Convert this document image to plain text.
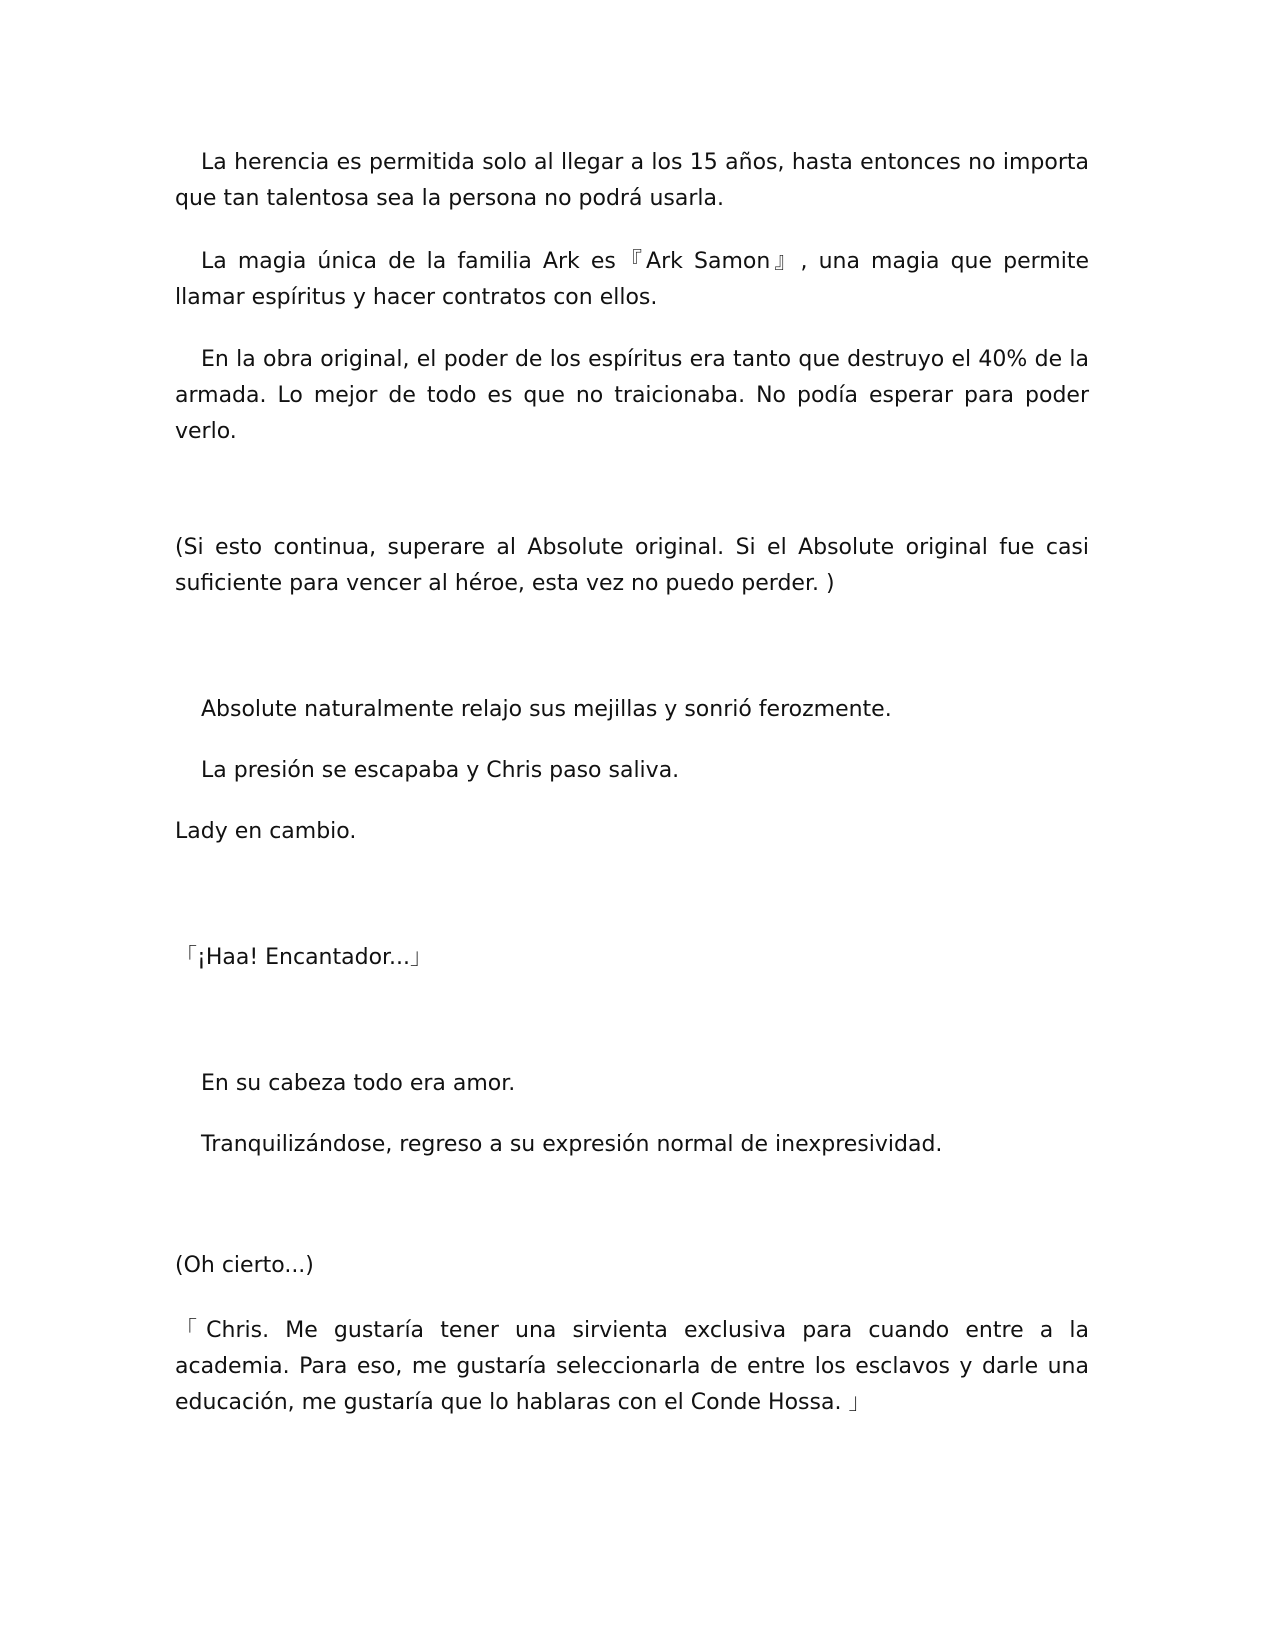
La herencia es permitida solo al llegar a los 15 años, hasta entonces no importa que tan talentosa sea la persona no podrá usarla.

La magia única de la familia Ark es『Ark Samon』, una magia que permite llamar espíritus y hacer contratos con ellos.

En la obra original, el poder de los espíritus era tanto que destruyo el 40% de la armada. Lo mejor de todo es que no traicionaba. No podía esperar para poder verlo.

(Si esto continua, superare al Absolute original. Si el Absolute original fue casi suficiente para vencer al héroe, esta vez no puedo perder. )

Absolute naturalmente relajo sus mejillas y sonrió ferozmente.

La presión se escapaba y Chris paso saliva.

Lady en cambio.

「¡Haa! Encantador...」

En su cabeza todo era amor.

Tranquilizándose, regreso a su expresión normal de inexpresividad.

(Oh cierto...)

「Chris. Me gustaría tener una sirvienta exclusiva para cuando entre a la academia. Para eso, me gustaría seleccionarla de entre los esclavos y darle una educación, me gustaría que lo hablaras con el Conde Hossa. 」
